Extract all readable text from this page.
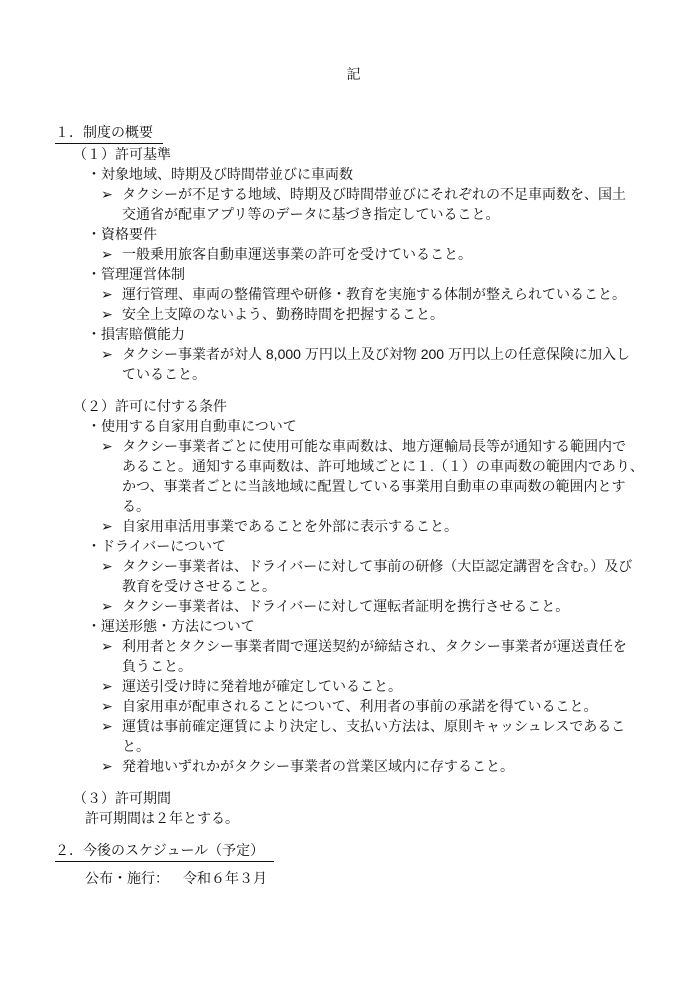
記
１．制度の概要
（１）許可基準
・対象地域、時期及び時間帯並びに車両数
➢ タクシーが不足する地域、時期及び時間帯並びにそれぞれの不足車両数を、国土
交通省が配車アプリ等のデータに基づき指定していること。
・資格要件
➢ 一般乗用旅客自動車運送事業の許可を受けていること。
・管理運営体制
➢ 運行管理、車両の整備管理や研修・教育を実施する体制が整えられていること。
➢ 安全上支障のないよう、勤務時間を把握すること。
・損害賠償能力
➢ タクシー事業者が対人 8,000 万円以上及び対物 200 万円以上の任意保険に加入し
ていること。
（２）許可に付する条件
・使用する自家用自動車について
➢ タクシー事業者ごとに使用可能な車両数は、地方運輸局長等が通知する範囲内で
あること。通知する車両数は、許可地域ごとに１.（１）の車両数の範囲内であり、
かつ、事業者ごとに当該地域に配置している事業用自動車の車両数の範囲内とす
る。
➢ 自家用車活用事業であることを外部に表示すること。
・ドライバーについて
➢ タクシー事業者は、ドライバーに対して事前の研修（大臣認定講習を含む。）及び
教育を受けさせること。
➢ タクシー事業者は、ドライバーに対して運転者証明を携行させること。
・運送形態・方法について
➢ 利用者とタクシー事業者間で運送契約が締結され、タクシー事業者が運送責任を
負うこと。
➢ 運送引受け時に発着地が確定していること。
➢ 自家用車が配車されることについて、利用者の事前の承諾を得ていること。
➢ 運賃は事前確定運賃により決定し、支払い方法は、原則キャッシュレスであるこ
と。
➢ 発着地いずれかがタクシー事業者の営業区域内に存すること。
（３）許可期間
許可期間は２年とする。
２．今後のスケジュール（予定）
公布・施行： 令和６年３月
